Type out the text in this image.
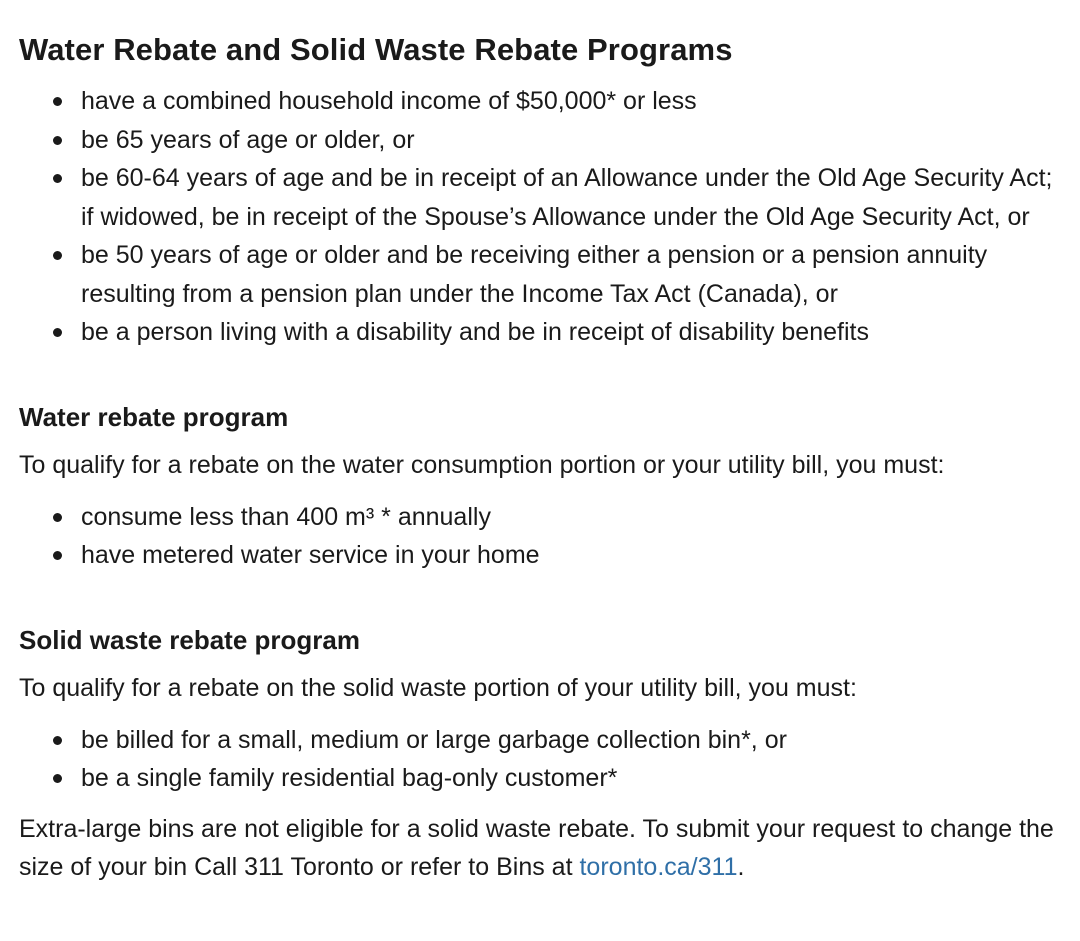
Water Rebate and Solid Waste Rebate Programs
have a combined household income of $50,000* or less
be 65 years of age or older, or
be 60-64 years of age and be in receipt of an Allowance under the Old Age Security Act; if widowed, be in receipt of the Spouse’s Allowance under the Old Age Security Act, or
be 50 years of age or older and be receiving either a pension or a pension annuity resulting from a pension plan under the Income Tax Act (Canada), or
be a person living with a disability and be in receipt of disability benefits
Water rebate program

To qualify for a rebate on the water consumption portion or your utility bill, you must:

consume less than 400 m³ * annually
have metered water service in your home
Solid waste rebate program

To qualify for a rebate on the solid waste portion of your utility bill, you must:

be billed for a small, medium or large garbage collection bin*, or
be a single family residential bag-only customer*

Extra-large bins are not eligible for a solid waste rebate. To submit your request to change the size of your bin Call 311 Toronto or refer to Bins at toronto.ca/311.
